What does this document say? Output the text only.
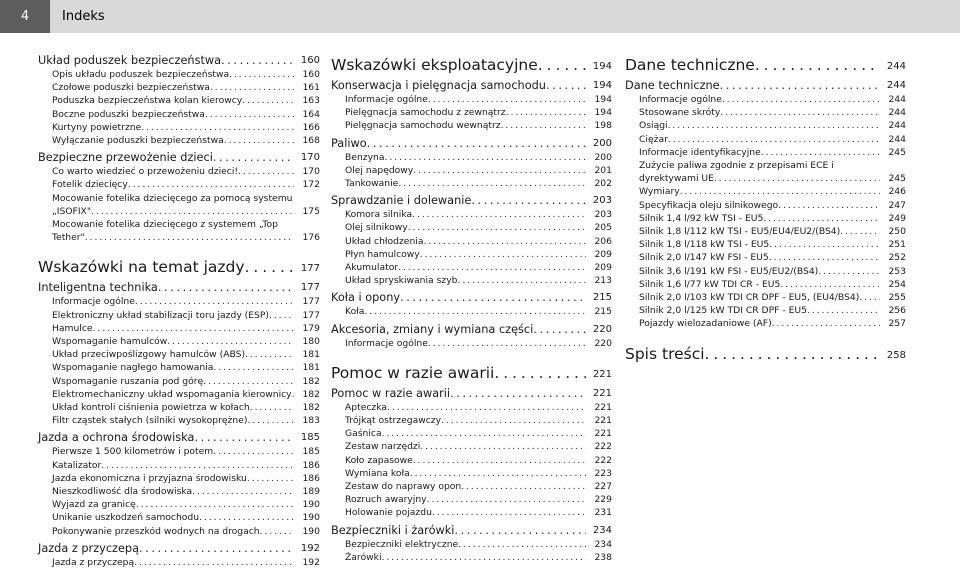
4	Indeks
Układ poduszek bezpieczeństwa . . .	160
Opis układu poduszek bezpieczeństwa . . .	160
Czołowe poduszki bezpieczeństwa . . .	161
Poduszka bezpieczeństwa kolan kierowcy . . .	163
Boczne poduszki bezpieczeństwa . . .	164
Kurtyny powietrzne . . .	166
Wyłączanie poduszki bezpieczeństwa . . .	168
Bezpieczne przewożenie dzieci . . .	170
Co warto wiedzieć o przewożeniu dzieci! . . .	170
Fotelik dziecięcy . . .	172
Mocowanie fotelika dziecięcego za pomocą systemu
„ISOFIX" . . .	175
Mocowanie fotelika dziecięcego z systemem „Top
Tether" . . .	176
Wskazówki na temat jazdy . . .	177
Inteligentna technika . . .	177
Informacje ogólne . . .	177
Elektroniczny układ stabilizacji toru jazdy (ESP) . . .	177
Hamulce . . .	179
Wspomaganie hamulców . . .	180
Układ przeciwpoślizgowy hamulców (ABS) . . .	181
Wspomaganie nagłego hamowania . . .	181
Wspomaganie ruszania pod górę . . .	182
Elektromechaniczny układ wspomagania kierownicy . . .	182
Układ kontroli ciśnienia powietrza w kołach . . .	182
Filtr cząstek stałych (silniki wysokoprężne) . . .	183
Jazda a ochrona środowiska . . .	185
Pierwsze 1 500 kilometrów i potem . . .	185
Katalizator . . .	186
Jazda ekonomiczna i przyjazna środowisku . . .	186
Nieszkodliwość dla środowiska . . .	189
Wyjazd za granicę . . .	190
Unikanie uszkodzeń samochodu . . .	190
Pokonywanie przeszkód wodnych na drogach . . .	190
Jazda z przyczepą . . .	192
Jazda z przyczepą . . .	192
Wskazówki eksploatacyjne . . .	194
Konserwacja i pielęgnacja samochodu . . .	194
Informacje ogólne . . .	194
Pielęgnacja samochodu z zewnątrz . . .	194
Pielęgnacja samochodu wewnątrz . . .	198
Paliwo . . .	200
Benzyna . . .	200
Olej napędowy . . .	201
Tankowanie . . .	202
Sprawdzanie i dolewanie . . .	203
Komora silnika . . .	203
Olej silnikowy . . .	205
Układ chłodzenia . . .	206
Płyn hamulcowy . . .	209
Akumulator . . .	209
Układ spryskiwania szyb . . .	213
Koła i opony . . .	215
Koła . . .	215
Akcesoria, zmiany i wymiana części . . .	220
Informacje ogólne . . .	220
Pomoc w razie awarii . . .	221
Pomoc w razie awarii . . .	221
Apteczka . . .	221
Trójkąt ostrzegawczy . . .	221
Gaśnica . . .	221
Zestaw narzędzi . . .	222
Koło zapasowe . . .	222
Wymiana koła . . .	223
Zestaw do naprawy opon . . .	227
Rozruch awaryjny . . .	229
Holowanie pojazdu . . .	231
Bezpieczniki i żarówki . . .	234
Bezpieczniki elektryczne . . .	234
Żarówki . . .	238
Dane techniczne . . .	244
Dane techniczne . . .	244
Informacje ogólne . . .	244
Stosowane skróty . . .	244
Osiągi . . .	244
Ciężar . . .	244
Informacje identyfikacyjne . . .	245
Zużycie paliwa zgodnie z przepisami ECE i
dyrektywami UE . . .	245
Wymiary . . .	246
Specyfikacja oleju silnikowego . . .	247
Silnik 1,4 l/92 kW TSI - EU5 . . .	249
Silnik 1,8 l/112 kW TSI - EU5/EU4/EU2/(BS4) . . .	250
Silnik 1,8 l/118 kW TSI - EU5 . . .	251
Silnik 2,0 l/147 kW FSI - EU5 . . .	252
Silnik 3,6 l/191 kW FSI - EU5/EU2/(BS4) . . .	253
Silnik 1,6 l/77 kW TDI CR - EU5 . . .	254
Silnik 2,0 l/103 kW TDI CR DPF - EU5, (EU4/BS4) . . .	255
Silnik 2,0 l/125 kW TDI CR DPF - EU5 . . .	256
Pojazdy wielozadaniowe (AF) . . .	257
Spis treści . . .	258
